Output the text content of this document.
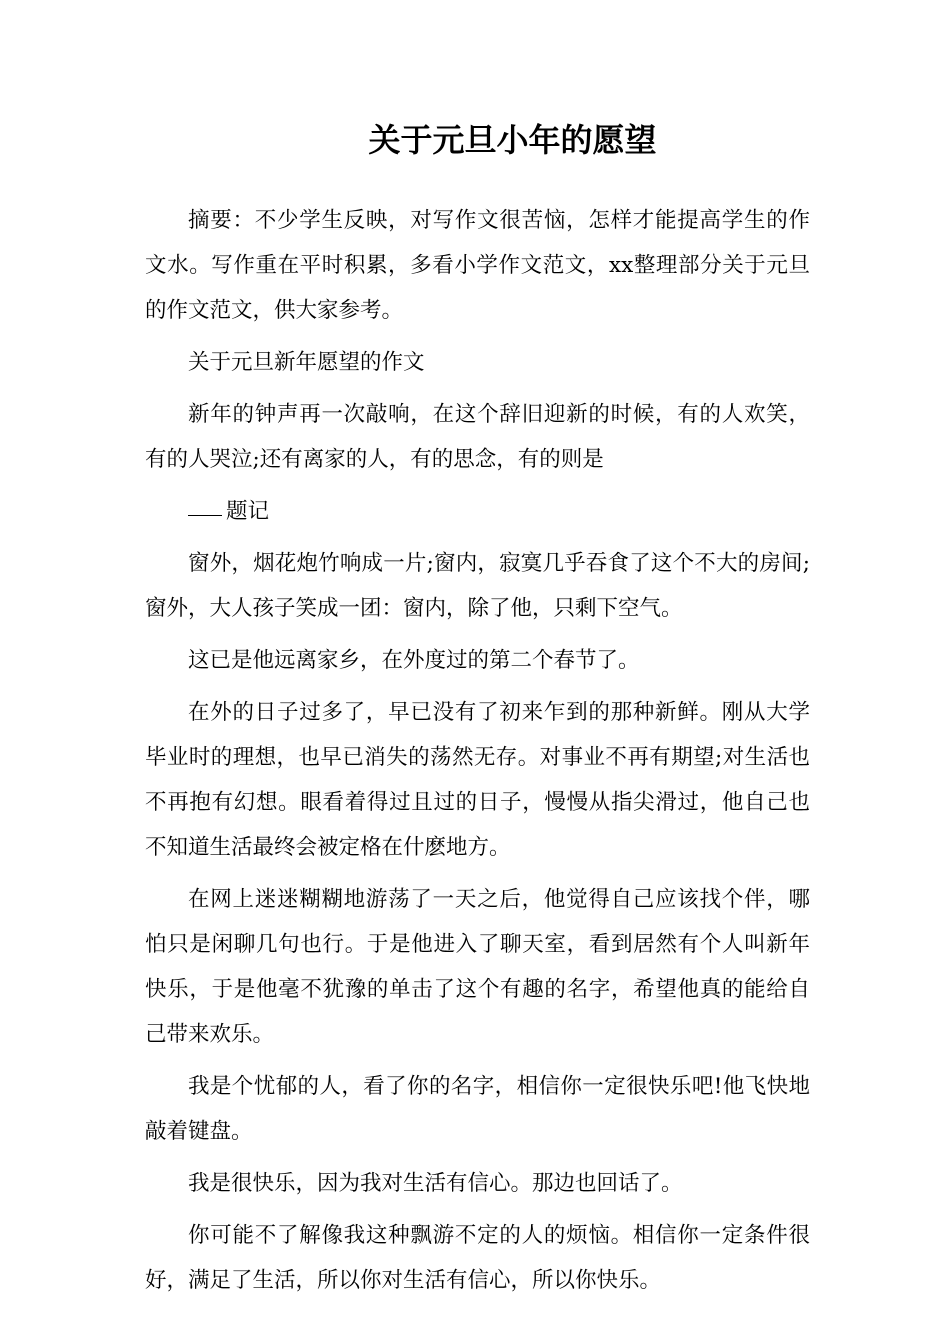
关于元旦小年的愿望

摘要：不少学生反映，对写作文很苦恼，怎样才能提高学生的作文水。写作重在平时积累，多看小学作文范文，xx整理部分关于元旦的作文范文，供大家参考。

关于元旦新年愿望的作文

新年的钟声再一次敲响，在这个辞旧迎新的时候，有的人欢笑，有的人哭泣;还有离家的人，有的思念，有的则是

题记

窗外，烟花炮竹响成一片;窗内，寂寞几乎吞食了这个不大的房间;窗外，大人孩子笑成一团：窗内，除了他，只剩下空气。

这已是他远离家乡，在外度过的第二个春节了。

在外的日子过多了，早已没有了初来乍到的那种新鲜。刚从大学毕业时的理想，也早已消失的荡然无存。对事业不再有期望;对生活也不再抱有幻想。眼看着得过且过的日子，慢慢从指尖滑过，他自己也不知道生活最终会被定格在什麽地方。

在网上迷迷糊糊地游荡了一天之后，他觉得自己应该找个伴，哪怕只是闲聊几句也行。于是他进入了聊天室，看到居然有个人叫新年快乐，于是他毫不犹豫的单击了这个有趣的名字，希望他真的能给自己带来欢乐。

我是个忧郁的人，看了你的名字，相信你一定很快乐吧!他飞快地敲着键盘。

我是很快乐，因为我对生活有信心。那边也回话了。

你可能不了解像我这种飘游不定的人的烦恼。相信你一定条件很好，满足了生活，所以你对生活有信心，所以你快乐。
